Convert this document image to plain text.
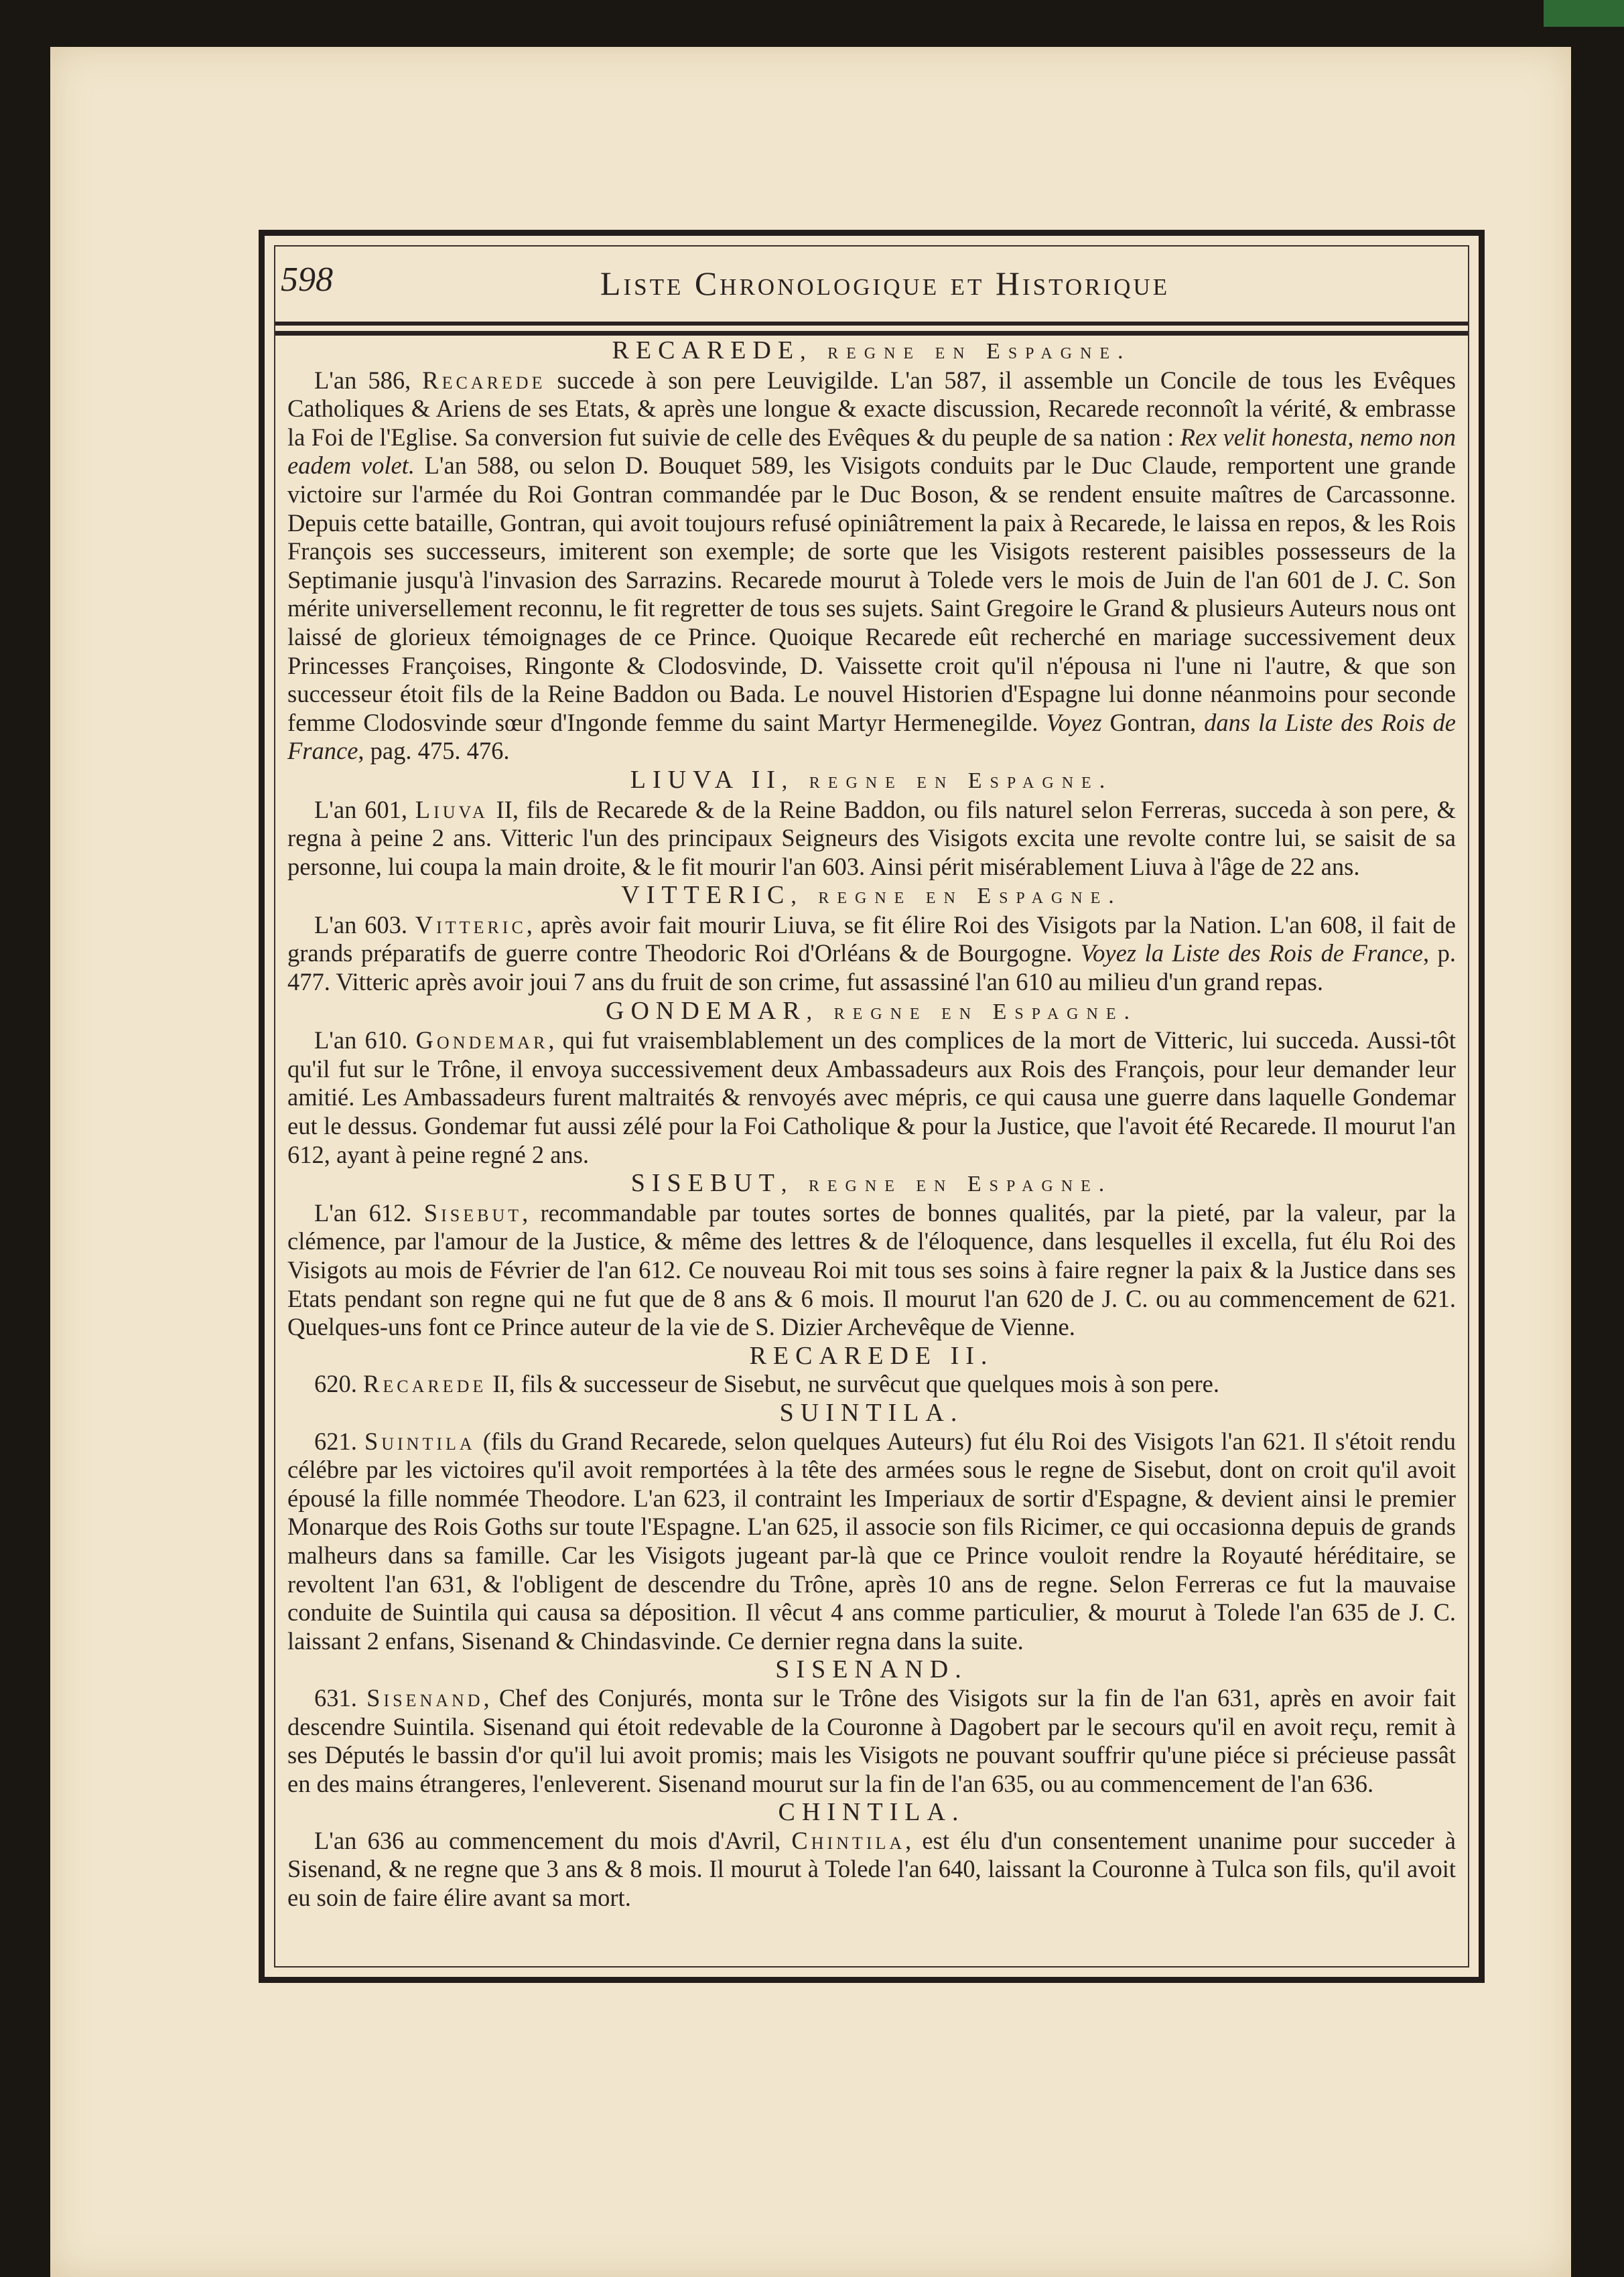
598	Liste Chronologique et Historique

RECAREDE, regne en Espagne.

L'an 586, Recarede succede à son pere Leuvigilde. L'an 587, il assemble un Concile de tous les Evêques Catholiques & Ariens de ses Etats, & après une longue & exacte discussion, Recarede reconnoît la vérité, & embrasse la Foi de l'Eglise. Sa conversion fut suivie de celle des Evêques & du peuple de sa nation : Rex velit honesta, nemo non eadem volet. L'an 588, ou selon D. Bouquet 589, les Visigots conduits par le Duc Claude, remportent une grande victoire sur l'armée du Roi Gontran commandée par le Duc Boson, & se rendent ensuite maîtres de Carcassonne. Depuis cette bataille, Gontran, qui avoit toujours refusé opiniâtrement la paix à Recarede, le laissa en repos, & les Rois François ses successeurs, imiterent son exemple; de sorte que les Visigots resterent paisibles possesseurs de la Septimanie jusqu'à l'invasion des Sarrazins. Recarede mourut à Tolede vers le mois de Juin de l'an 601 de J. C. Son mérite universellement reconnu, le fit regretter de tous ses sujets. Saint Gregoire le Grand & plusieurs Auteurs nous ont laissé de glorieux témoignages de ce Prince. Quoique Recarede eût recherché en mariage successivement deux Princesses Françoises, Ringonte & Clodosvinde, D. Vaissette croit qu'il n'épousa ni l'une ni l'autre, & que son successeur étoit fils de la Reine Baddon ou Bada. Le nouvel Historien d'Espagne lui donne néanmoins pour seconde femme Clodosvinde sœur d'Ingonde femme du saint Martyr Hermenegilde. Voyez Gontran, dans la Liste des Rois de France, pag. 475. 476.

LIUVA II, regne en Espagne.

L'an 601, Liuva II, fils de Recarede & de la Reine Baddon, ou fils naturel selon Ferreras, succeda à son pere, & regna à peine 2 ans. Vitteric l'un des principaux Seigneurs des Visigots excita une revolte contre lui, se saisit de sa personne, lui coupa la main droite, & le fit mourir l'an 603. Ainsi périt misérablement Liuva à l'âge de 22 ans.

VITTERIC, regne en Espagne.

L'an 603. Vitteric, après avoir fait mourir Liuva, se fit élire Roi des Visigots par la Nation. L'an 608, il fait de grands préparatifs de guerre contre Theodoric Roi d'Orléans & de Bourgogne. Voyez la Liste des Rois de France, p. 477. Vitteric après avoir joui 7 ans du fruit de son crime, fut assassiné l'an 610 au milieu d'un grand repas.

GONDEMAR, regne en Espagne.

L'an 610. Gondemar, qui fut vraisemblablement un des complices de la mort de Vitteric, lui succeda. Aussi-tôt qu'il fut sur le Trône, il envoya successivement deux Ambassadeurs aux Rois des François, pour leur demander leur amitié. Les Ambassadeurs furent maltraités & renvoyés avec mépris, ce qui causa une guerre dans laquelle Gondemar eut le dessus. Gondemar fut aussi zélé pour la Foi Catholique & pour la Justice, que l'avoit été Recarede. Il mourut l'an 612, ayant à peine regné 2 ans.

SISEBUT, regne en Espagne.

L'an 612. Sisebut, recommandable par toutes sortes de bonnes qualités, par la pieté, par la valeur, par la clémence, par l'amour de la Justice, & même des lettres & de l'éloquence, dans lesquelles il excella, fut élu Roi des Visigots au mois de Février de l'an 612. Ce nouveau Roi mit tous ses soins à faire regner la paix & la Justice dans ses Etats pendant son regne qui ne fut que de 8 ans & 6 mois. Il mourut l'an 620 de J. C. ou au commencement de 621. Quelques-uns font ce Prince auteur de la vie de S. Dizier Archevêque de Vienne.

RECAREDE II.

620. Recarede II, fils & successeur de Sisebut, ne survêcut que quelques mois à son pere.

SUINTILA.

621. Suintila (fils du Grand Recarede, selon quelques Auteurs) fut élu Roi des Visigots l'an 621. Il s'étoit rendu célébre par les victoires qu'il avoit remportées à la tête des armées sous le regne de Sisebut, dont on croit qu'il avoit épousé la fille nommée Theodore. L'an 623, il contraint les Imperiaux de sortir d'Espagne, & devient ainsi le premier Monarque des Rois Goths sur toute l'Espagne. L'an 625, il associe son fils Ricimer, ce qui occasionna depuis de grands malheurs dans sa famille. Car les Visigots jugeant par-là que ce Prince vouloit rendre la Royauté héréditaire, se revoltent l'an 631, & l'obligent de descendre du Trône, après 10 ans de regne. Selon Ferreras ce fut la mauvaise conduite de Suintila qui causa sa déposition. Il vêcut 4 ans comme particulier, & mourut à Tolede l'an 635 de J. C. laissant 2 enfans, Sisenand & Chindasvinde. Ce dernier regna dans la suite.

SISENAND.

631. Sisenand, Chef des Conjurés, monta sur le Trône des Visigots sur la fin de l'an 631, après en avoir fait descendre Suintila. Sisenand qui étoit redevable de la Couronne à Dagobert par le secours qu'il en avoit reçu, remit à ses Députés le bassin d'or qu'il lui avoit promis; mais les Visigots ne pouvant souffrir qu'une piéce si précieuse passât en des mains étrangeres, l'enleverent. Sisenand mourut sur la fin de l'an 635, ou au commencement de l'an 636.

CHINTILA.

L'an 636 au commencement du mois d'Avril, Chintila, est élu d'un consentement unanime pour succeder à Sisenand, & ne regne que 3 ans & 8 mois. Il mourut à Tolede l'an 640, laissant la Couronne à Tulca son fils, qu'il avoit eu soin de faire élire avant sa mort.
